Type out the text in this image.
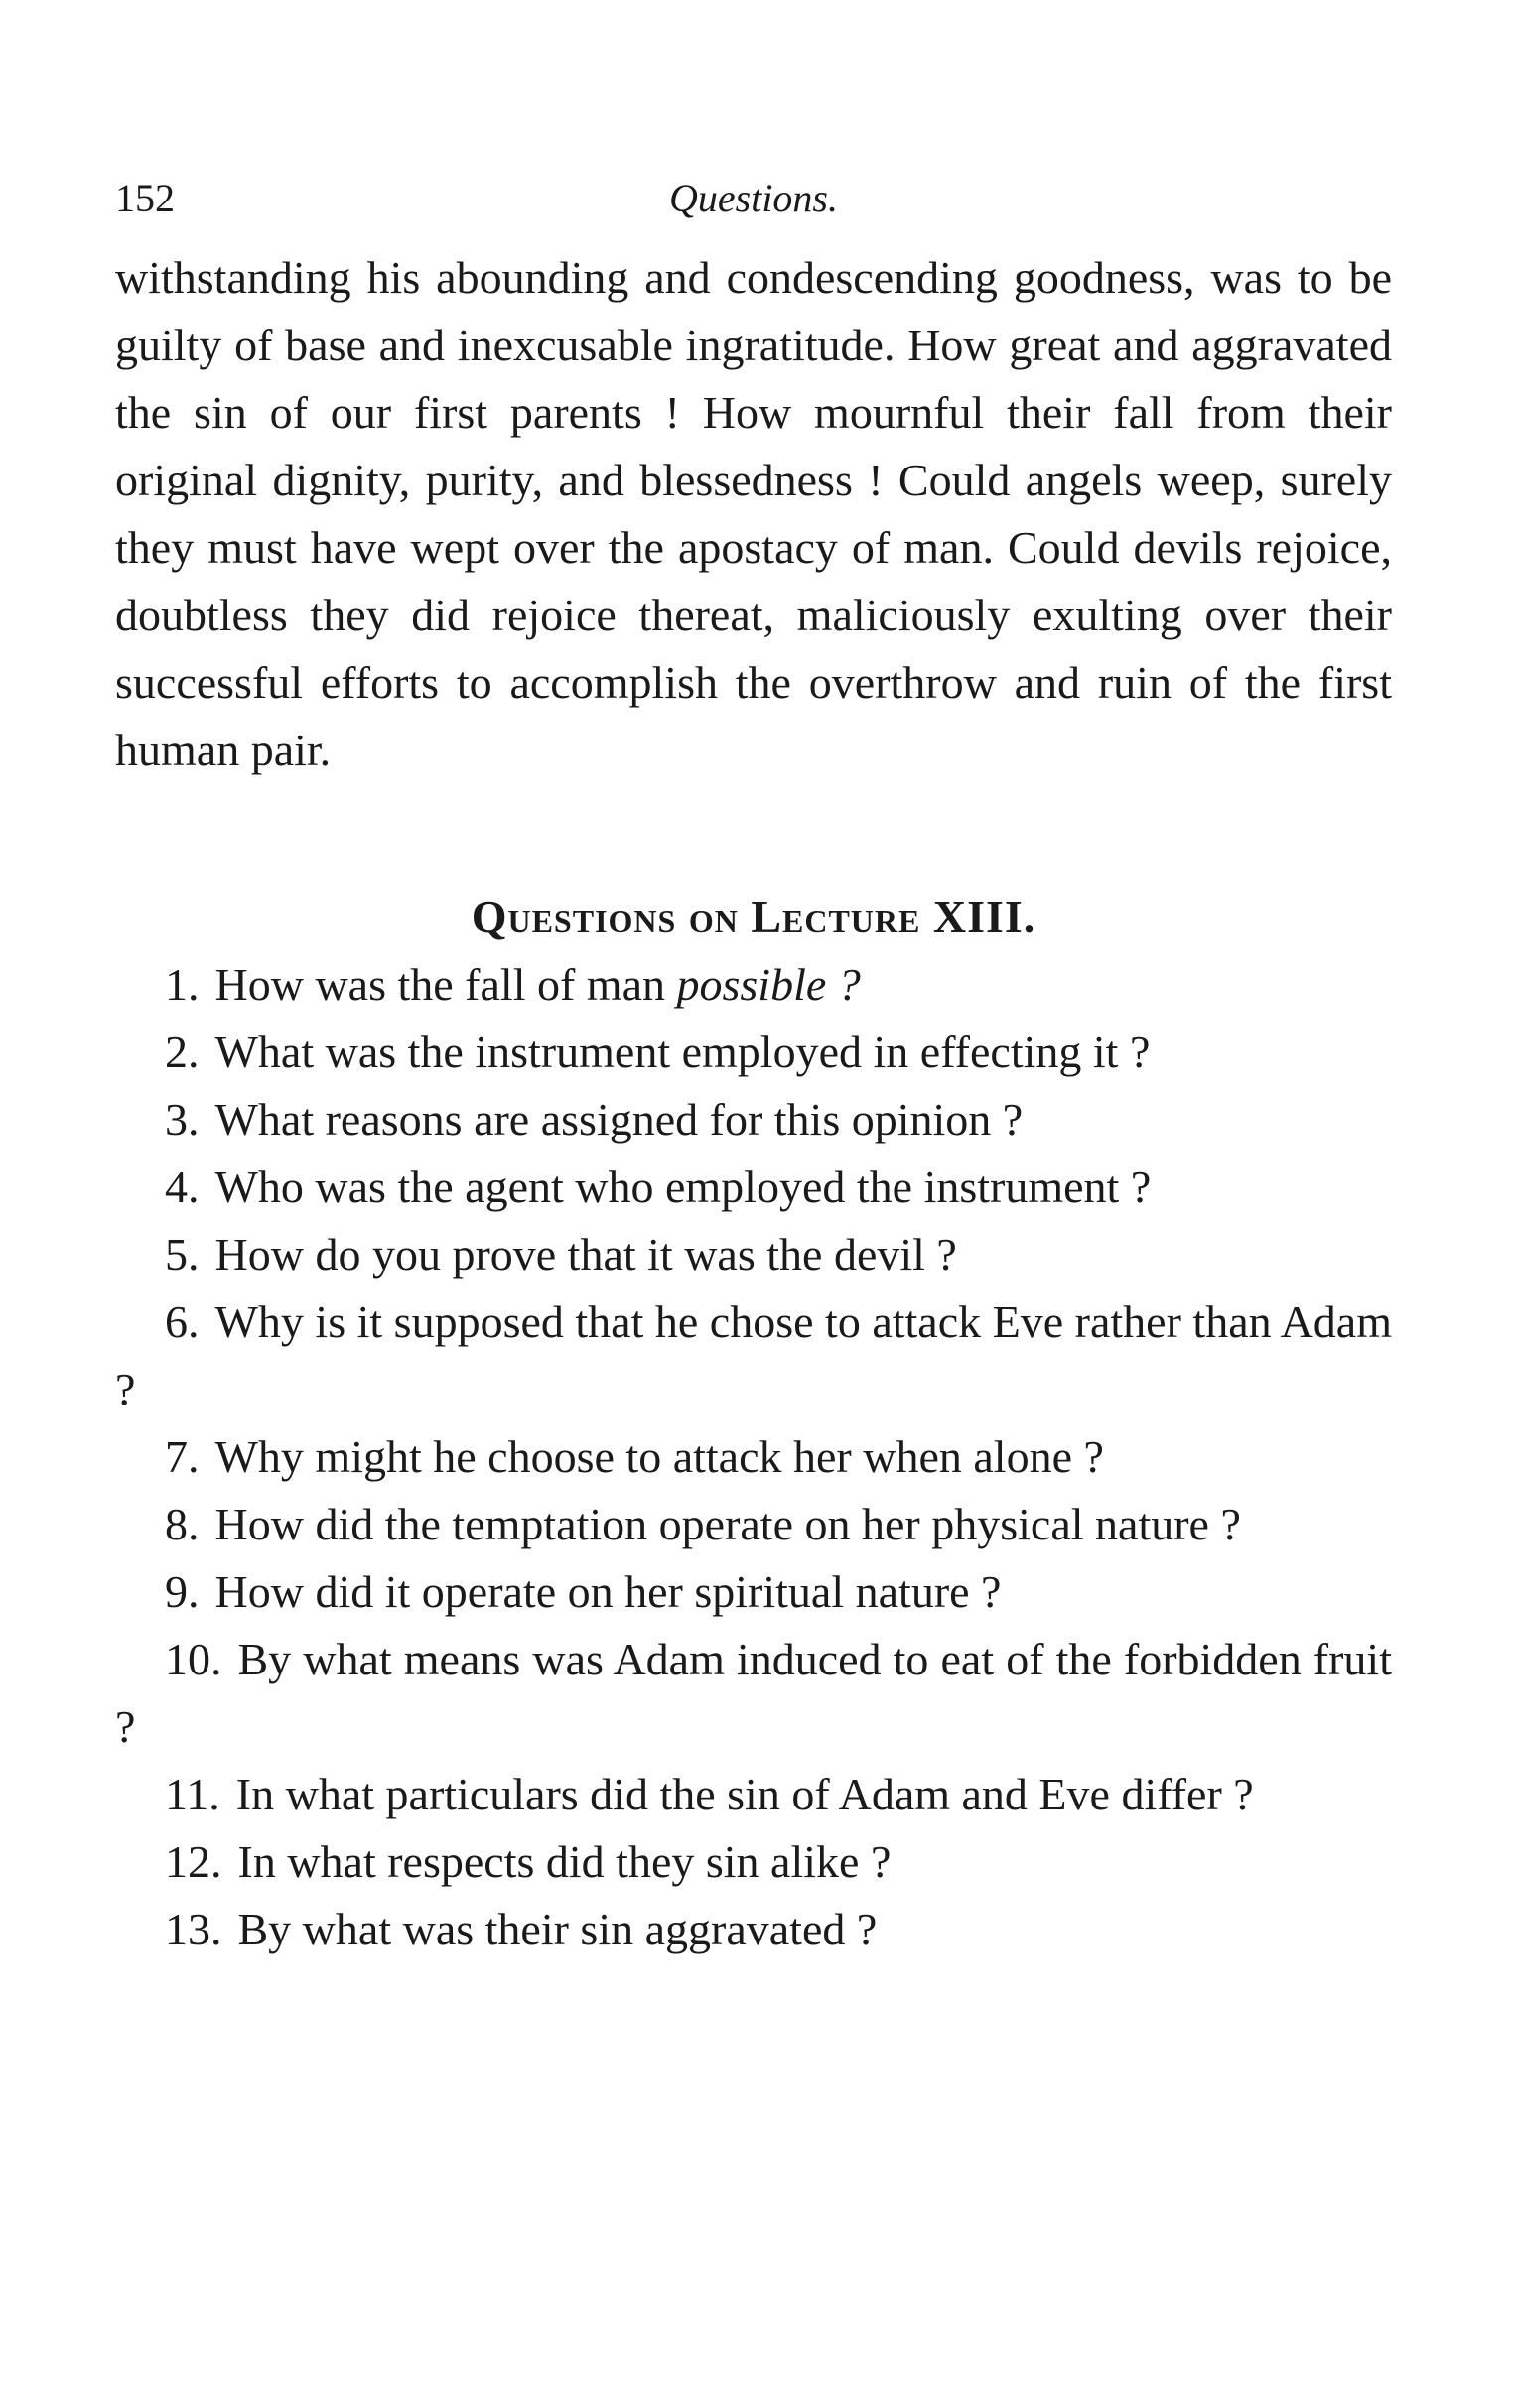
152	Questions.

withstanding his abounding and condescending goodness, was to be guilty of base and inexcusable ingratitude. How great and aggravated the sin of our first parents ! How mournful their fall from their original dignity, purity, and blessedness ! Could angels weep, surely they must have wept over the apostacy of man. Could devils rejoice, doubtless they did rejoice thereat, maliciously exulting over their successful efforts to accomplish the overthrow and ruin of the first human pair.

Questions on Lecture XIII.
1. How was the fall of man possible ?
2. What was the instrument employed in effecting it ?
3. What reasons are assigned for this opinion ?
4. Who was the agent who employed the instrument ?
5. How do you prove that it was the devil ?
6. Why is it supposed that he chose to attack Eve rather than Adam ?
7. Why might he choose to attack her when alone ?
8. How did the temptation operate on her physical nature ?
9. How did it operate on her spiritual nature ?
10. By what means was Adam induced to eat of the forbidden fruit ?
11. In what particulars did the sin of Adam and Eve differ ?
12. In what respects did they sin alike ?
13. By what was their sin aggravated ?
